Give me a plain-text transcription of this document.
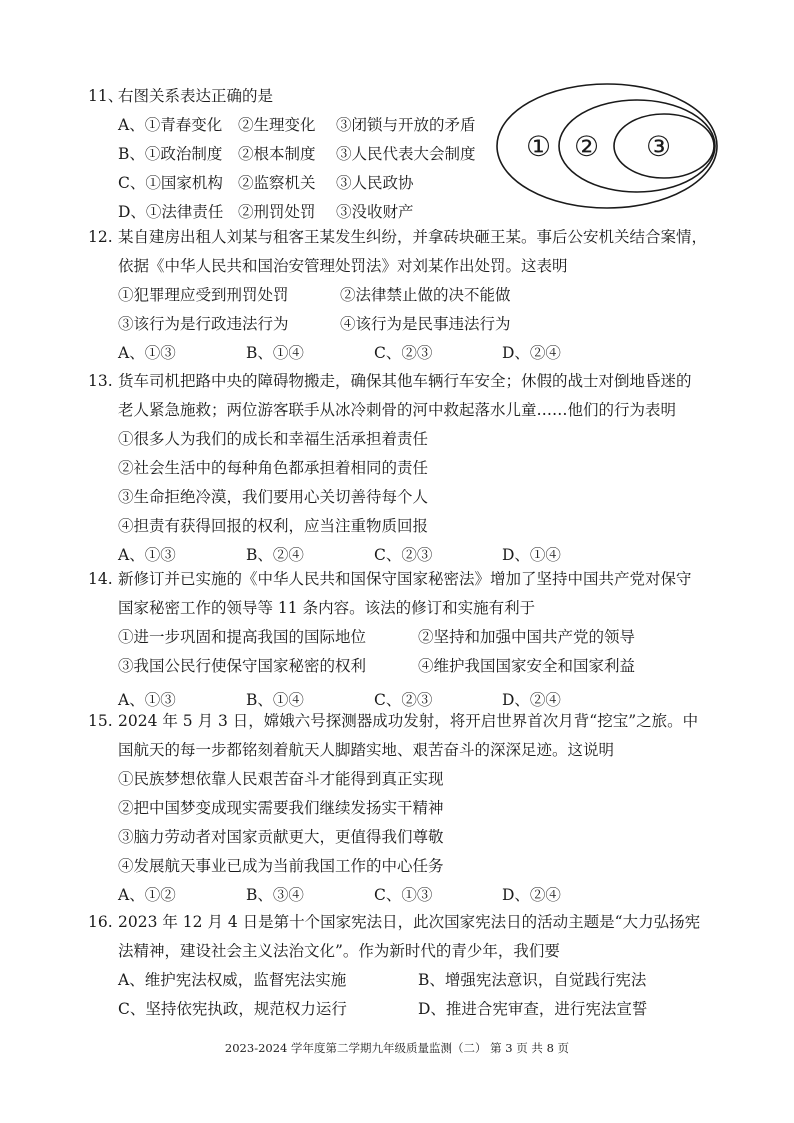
11、
右图关系表达正确的是
A、①青春变化	②生理变化	③闭锁与开放的矛盾
B、①政治制度	②根本制度	③人民代表大会制度
C、①国家机构 ②监察机关	③人民政协
D、①法律责任 ②刑罚处罚	③没收财产
① ② ③
12. 某自建房出租人刘某与租客王某发生纠纷，并拿砖块砸王某。事后公安机关结合案情，
依据《中华人民共和国治安管理处罚法》对刘某作出处罚。这表明
①犯罪理应受到刑罚处罚	②法律禁止做的决不能做
③该行为是行政违法行为	④该行为是民事违法行为
A、①③	B、①④	C、②③	D、②④
13. 货车司机把路中央的障碍物搬走，确保其他车辆行车安全；休假的战士对倒地昏迷的
老人紧急施救；两位游客联手从冰冷刺骨的河中救起落水儿童……他们的行为表明
①很多人为我们的成长和幸福生活承担着责任
②社会生活中的每种角色都承担着相同的责任
③生命拒绝冷漠，我们要用心关切善待每个人
④担责有获得回报的权利，应当注重物质回报
A、①③	B、②④	C、②③	D、①④
14. 新修订并已实施的《中华人民共和国保守国家秘密法》增加了坚持中国共产党对保守
国家秘密工作的领导等 11 条内容。该法的修订和实施有利于
①进一步巩固和提高我国的国际地位	②坚持和加强中国共产党的领导
③我国公民行使保守国家秘密的权利	④维护我国国家安全和国家利益
A、①③	B、①④	C、②③	D、②④
15. 2024 年 5 月 3 日，嫦娥六号探测器成功发射，将开启世界首次月背“挖宝”之旅。中
国航天的每一步都铭刻着航天人脚踏实地、艰苦奋斗的深深足迹。这说明
①民族梦想依靠人民艰苦奋斗才能得到真正实现
②把中国梦变成现实需要我们继续发扬实干精神
③脑力劳动者对国家贡献更大，更值得我们尊敬
④发展航天事业已成为当前我国工作的中心任务
A、①②	B、③④	C、①③	D、②④
16. 2023 年 12 月 4 日是第十个国家宪法日，此次国家宪法日的活动主题是“大力弘扬宪
法精神，建设社会主义法治文化”。作为新时代的青少年，我们要
A、维护宪法权威，监督宪法实施	B、增强宪法意识，自觉践行宪法
C、坚持依宪执政，规范权力运行	D、推进合宪审查，进行宪法宣誓
2023-2024 学年度第二学期九年级质量监测（二） 第 3 页 共 8 页
